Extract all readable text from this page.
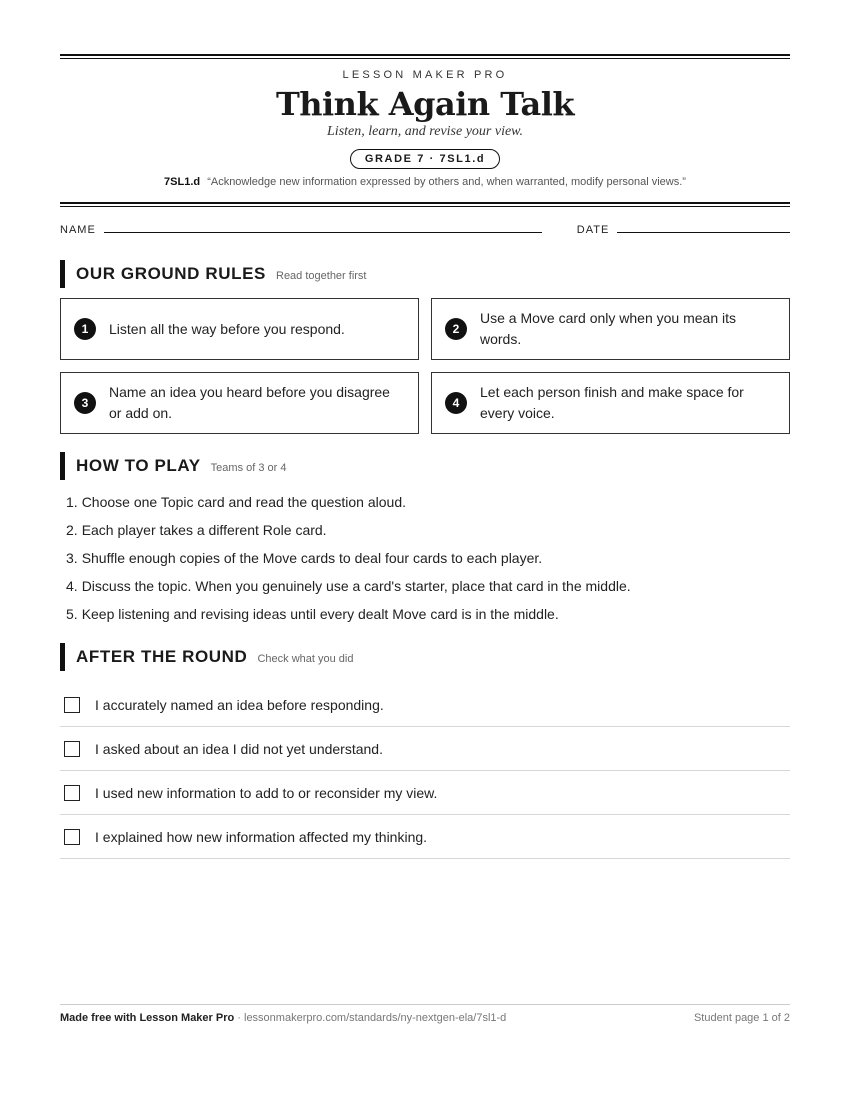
LESSON MAKER PRO
Think Again Talk
Listen, learn, and revise your view.
GRADE 7 · 7SL1.d
7SL1.d “Acknowledge new information expressed by others and, when warranted, modify personal views.”
NAME	DATE
OUR GROUND RULES Read together first
1	Listen all the way before you respond.	2
Use a Move card only when you mean its words.
3
Name an idea you heard before you disagree or add on.
4
Let each person finish and make space for every voice.
HOW TO PLAY Teams of 3 or 4
1. Choose one Topic card and read the question aloud.
2. Each player takes a different Role card.
3. Shuffle enough copies of the Move cards to deal four cards to each player.
4. Discuss the topic. When you genuinely use a card's starter, place that card in the middle.
5. Keep listening and revising ideas until every dealt Move card is in the middle.
AFTER THE ROUND Check what you did
I accurately named an idea before responding.
I asked about an idea I did not yet understand.
I used new information to add to or reconsider my view.
I explained how new information affected my thinking.
Made free with Lesson Maker Pro · lessonmakerpro.com/standards/ny-nextgen-ela/7sl1-d	Student page 1 of 2
